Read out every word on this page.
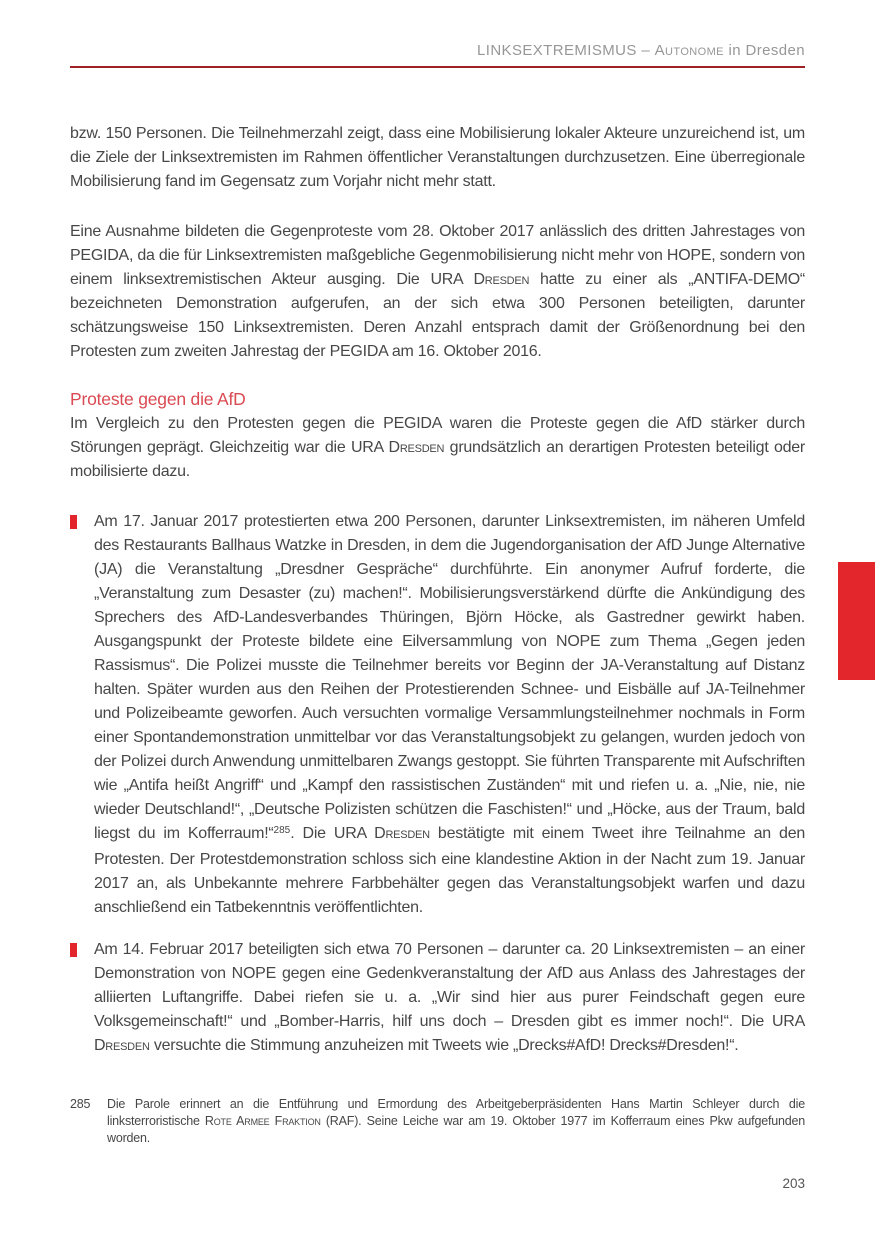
LINKSEXTREMISMUS – Autonome in Dresden

bzw. 150 Personen. Die Teilnehmerzahl zeigt, dass eine Mobilisierung lokaler Akteure unzureichend ist, um die Ziele der Linksextremisten im Rahmen öffentlicher Veranstaltungen durchzusetzen. Eine überregionale Mobilisierung fand im Gegensatz zum Vorjahr nicht mehr statt.

Eine Ausnahme bildeten die Gegenproteste vom 28. Oktober 2017 anlässlich des dritten Jahrestages von PEGIDA, da die für Linksextremisten maßgebliche Gegenmobilisierung nicht mehr von HOPE, sondern von einem linksextremistischen Akteur ausging. Die URA Dresden hatte zu einer als „ANTIFA-DEMO“ bezeichneten Demonstration aufgerufen, an der sich etwa 300 Personen beteiligten, darunter schätzungsweise 150 Linksextremisten. Deren Anzahl entsprach damit der Größenordnung bei den Protesten zum zweiten Jahrestag der PEGIDA am 16. Oktober 2016.

Proteste gegen die AfD

Im Vergleich zu den Protesten gegen die PEGIDA waren die Proteste gegen die AfD stärker durch Störungen geprägt. Gleichzeitig war die URA Dresden grundsätzlich an derartigen Protesten beteiligt oder mobilisierte dazu.

Am 17. Januar 2017 protestierten etwa 200 Personen, darunter Linksextremisten, im näheren Umfeld des Restaurants Ballhaus Watzke in Dresden, in dem die Jugendorganisation der AfD Junge Alternative (JA) die Veranstaltung „Dresdner Gespräche“ durchführte. Ein anonymer Aufruf forderte, die „Veranstaltung zum Desaster (zu) machen!“. Mobilisierungsverstärkend dürfte die Ankündigung des Sprechers des AfD-Landesverbandes Thüringen, Björn Höcke, als Gastredner gewirkt haben. Ausgangspunkt der Proteste bildete eine Eilversammlung von NOPE zum Thema „Gegen jeden Rassismus“. Die Polizei musste die Teilnehmer bereits vor Beginn der JA-Veranstaltung auf Distanz halten. Später wurden aus den Reihen der Protestierenden Schnee- und Eisbälle auf JA-Teilnehmer und Polizeibeamte geworfen. Auch versuchten vormalige Versammlungsteilnehmer nochmals in Form einer Spontandemonstration unmittelbar vor das Veranstaltungsobjekt zu gelangen, wurden jedoch von der Polizei durch Anwendung unmittelbaren Zwangs gestoppt. Sie führten Transparente mit Aufschriften wie „Antifa heißt Angriff“ und „Kampf den rassistischen Zuständen“ mit und riefen u. a. „Nie, nie, nie wieder Deutschland!“, „Deutsche Polizisten schützen die Faschisten!“ und „Höcke, aus der Traum, bald liegst du im Kofferraum!“$^{285}$. Die URA Dresden bestätigte mit einem Tweet ihre Teilnahme an den Protesten. Der Protestdemonstration schloss sich eine klandestine Aktion in der Nacht zum 19. Januar 2017 an, als Unbekannte mehrere Farbbehälter gegen das Veranstaltungsobjekt warfen und dazu anschließend ein Tatbekenntnis veröffentlichten.
Am 14. Februar 2017 beteiligten sich etwa 70 Personen – darunter ca. 20 Linksextremisten – an einer Demonstration von NOPE gegen eine Gedenkveranstaltung der AfD aus Anlass des Jahrestages der alliierten Luftangriffe. Dabei riefen sie u. a. „Wir sind hier aus purer Feindschaft gegen eure Volksgemeinschaft!“ und „Bomber-Harris, hilf uns doch – Dresden gibt es immer noch!“. Die URA Dresden versuchte die Stimmung anzuheizen mit Tweets wie „Drecks#AfD! Drecks#Dresden!“.
285	Die Parole erinnert an die Entführung und Ermordung des Arbeitgeberpräsidenten Hans Martin Schleyer durch die linksterroristische Rote Armee Fraktion (RAF). Seine Leiche war am 19. Oktober 1977 im Kofferraum eines Pkw aufgefunden worden.
203
